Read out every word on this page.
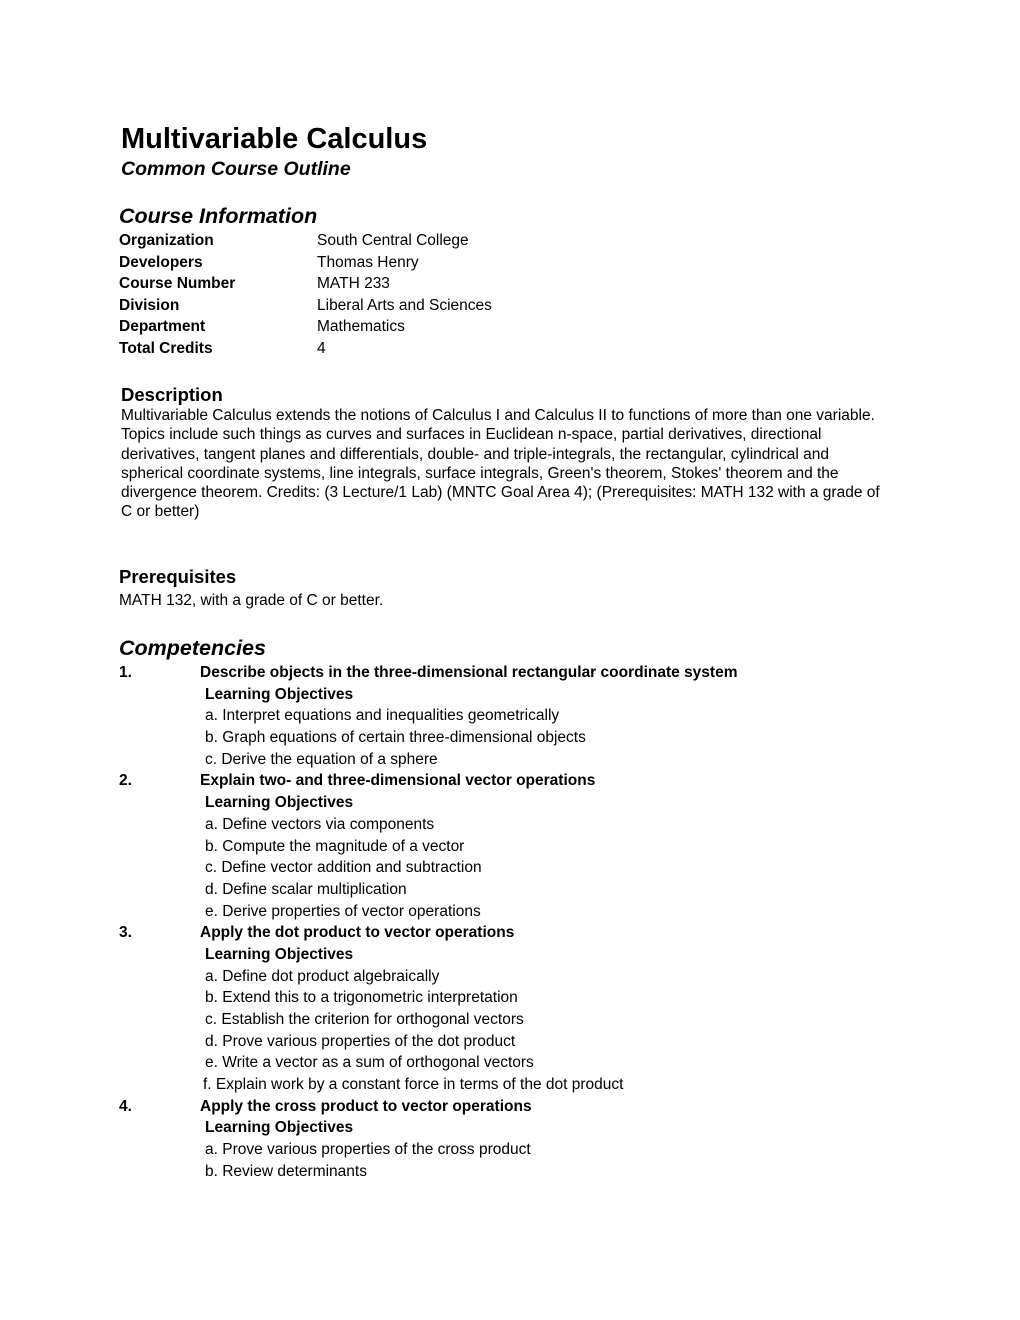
Multivariable Calculus
Common Course Outline
Course Information
Organization	South Central College
Developers	Thomas Henry
Course Number	MATH 233
Division	Liberal Arts and Sciences
Department	Mathematics
Total Credits	4
Description

Multivariable Calculus extends the notions of Calculus I and Calculus II to functions of more than one variable. Topics include such things as curves and surfaces in Euclidean n-space, partial derivatives, directional derivatives, tangent planes and differentials, double- and triple-integrals, the rectangular, cylindrical and spherical coordinate systems, line integrals, surface integrals, Green's theorem, Stokes' theorem and the divergence theorem. Credits: (3 Lecture/1 Lab) (MNTC Goal Area 4); (Prerequisites: MATH 132 with a grade of C or better)

Prerequisites

MATH 132, with a grade of C or better.

Competencies
1.	Describe objects in the three-dimensional rectangular coordinate system
Learning Objectives
a. Interpret equations and inequalities geometrically
b. Graph equations of certain three-dimensional objects
c. Derive the equation of a sphere
2.	Explain two- and three-dimensional vector operations
Learning Objectives
a. Define vectors via components
b. Compute the magnitude of a vector
c. Define vector addition and subtraction
d. Define scalar multiplication
e. Derive properties of vector operations
3.	Apply the dot product to vector operations
Learning Objectives
a. Define dot product algebraically
b. Extend this to a trigonometric interpretation
c. Establish the criterion for orthogonal vectors
d. Prove various properties of the dot product
e. Write a vector as a sum of orthogonal vectors
f. Explain work by a constant force in terms of the dot product
4.	Apply the cross product to vector operations
Learning Objectives
a. Prove various properties of the cross product
b. Review determinants
